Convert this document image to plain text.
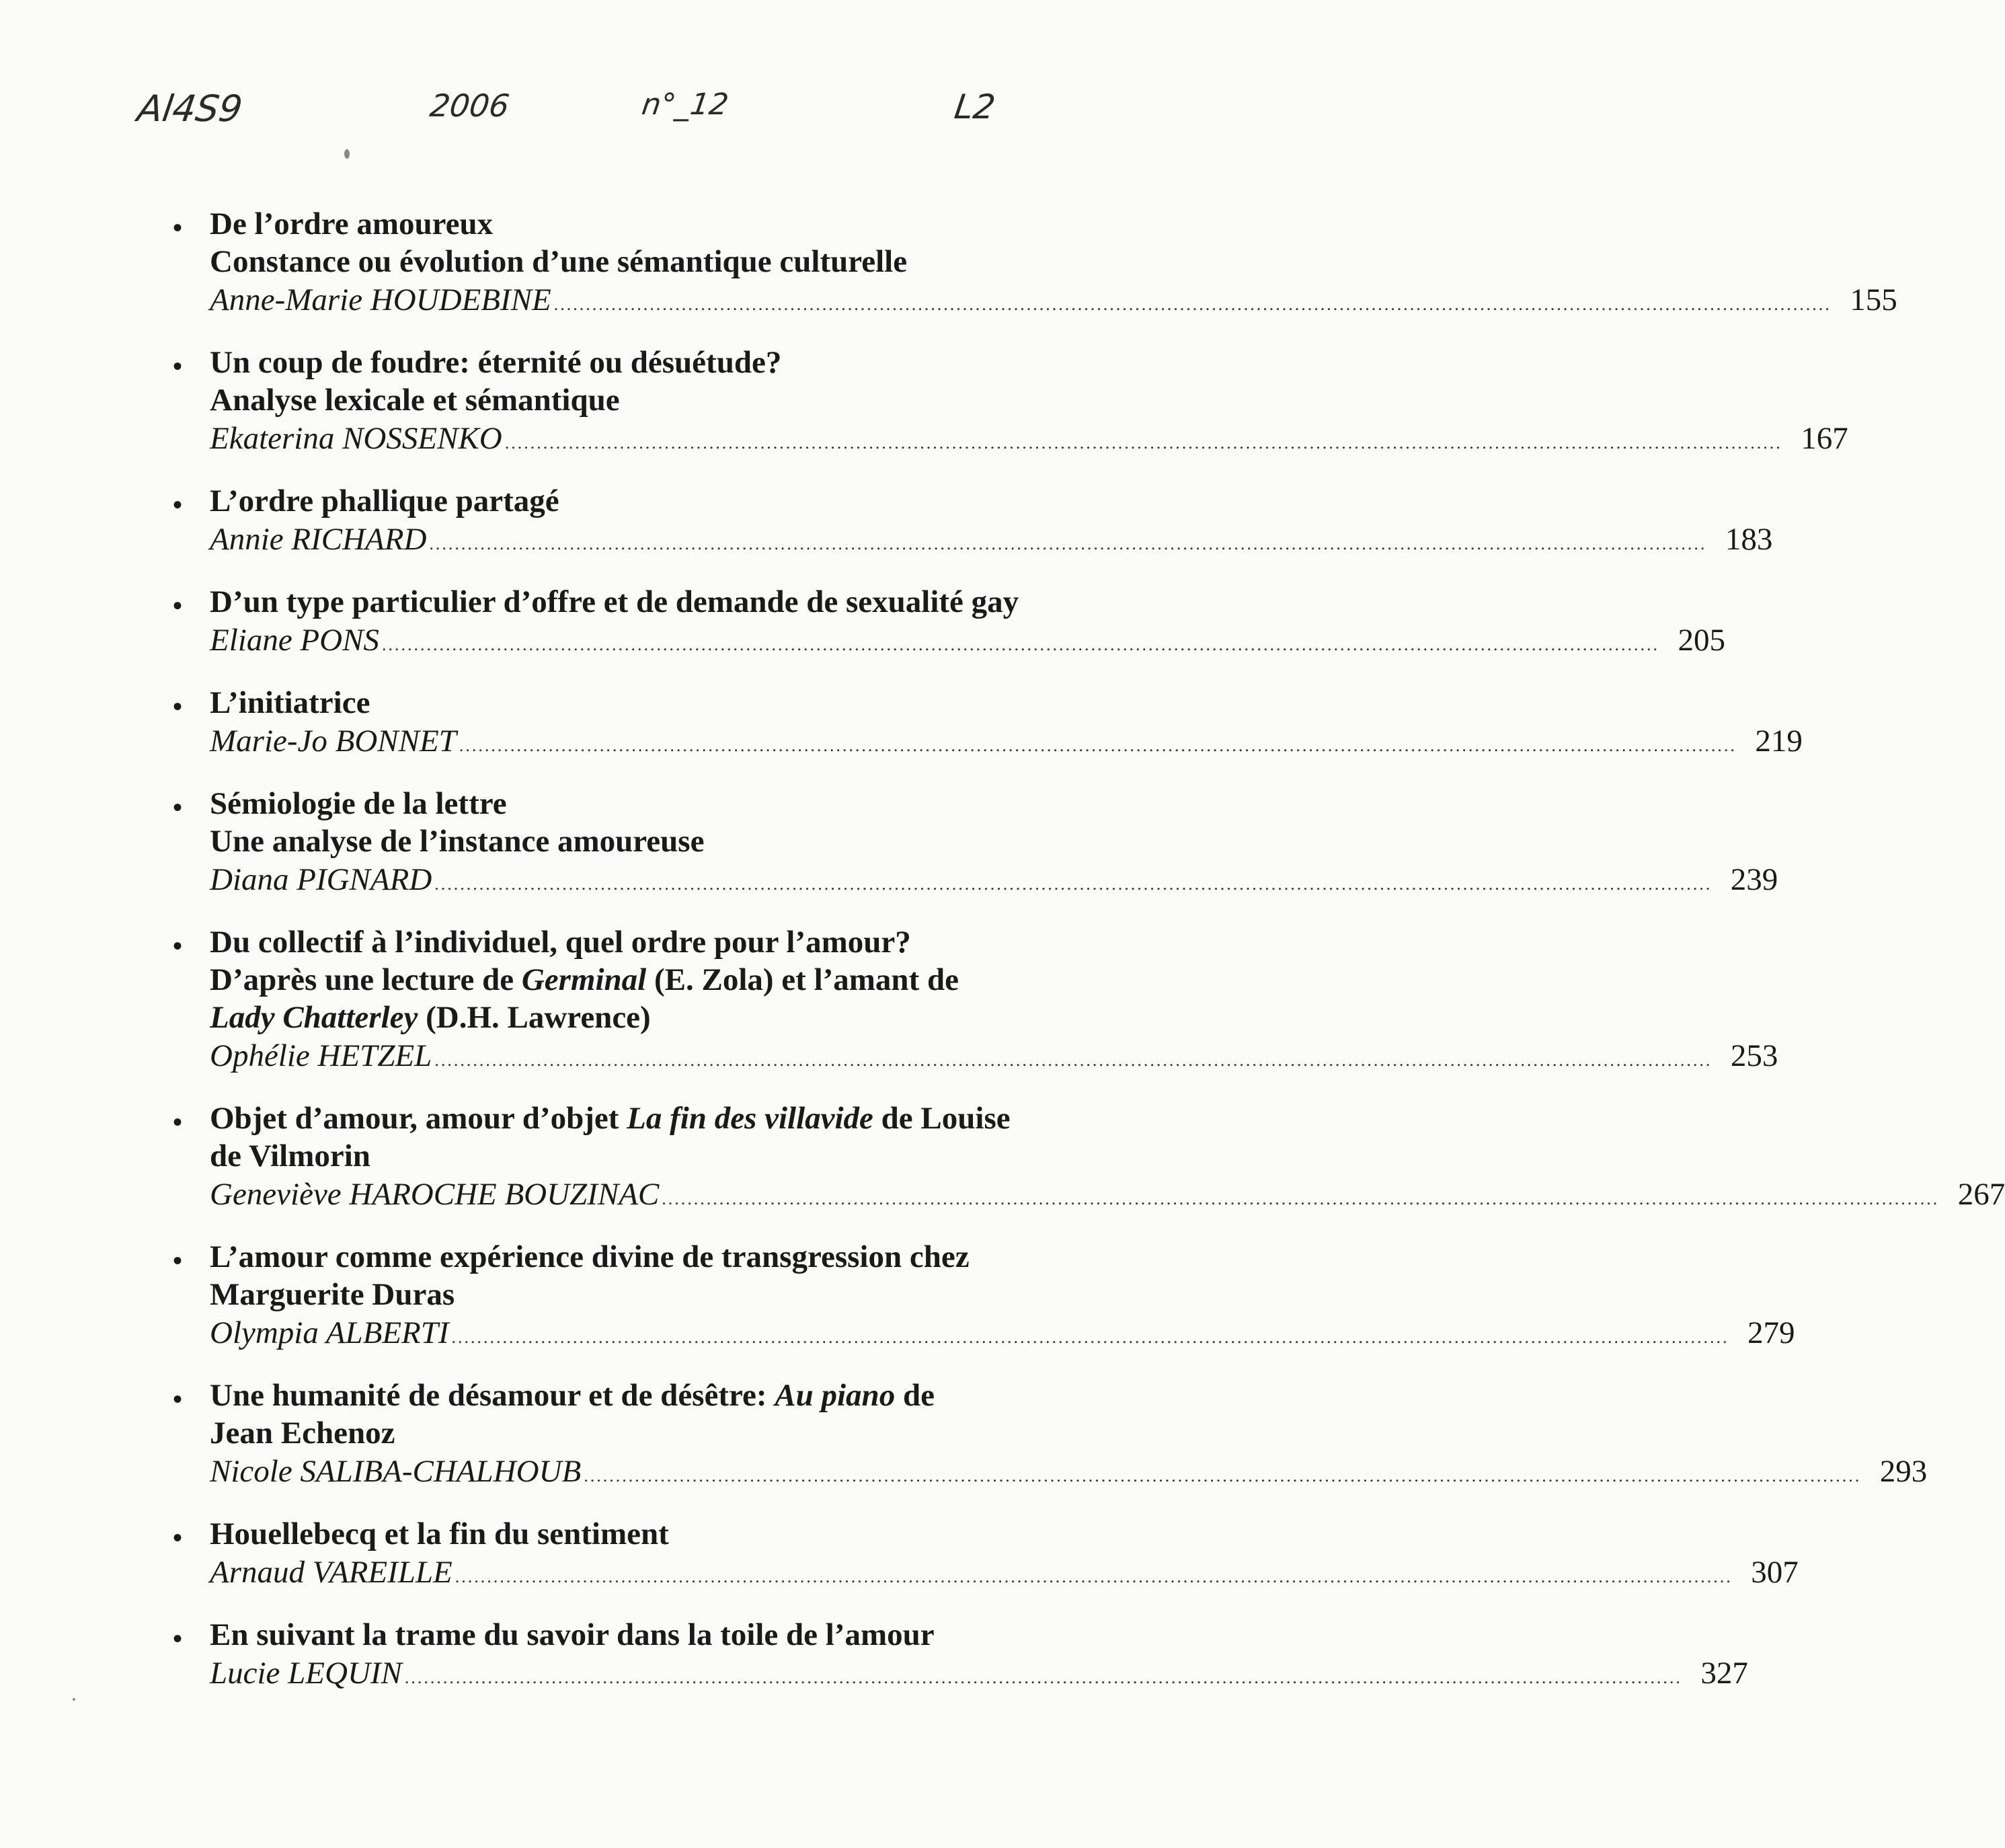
Al4S9	2006	n°_12	L2
• De l’ordre amoureux
Constance ou évolution d’une sémantique culturelle
Anne-Marie HOUDEBINE ........................................................................................................................................................................................................ 155
• Un coup de foudre: éternité ou désuétude?
Analyse lexicale et sémantique
Ekaterina NOSSENKO ........................................................................................................................................................................................................ 167
• L’ordre phallique partagé
Annie RICHARD ........................................................................................................................................................................................................ 183
• D’un type particulier d’offre et de demande de sexualité gay
Eliane PONS ........................................................................................................................................................................................................ 205
• L’initiatrice
Marie-Jo BONNET ........................................................................................................................................................................................................ 219
• Sémiologie de la lettre
Une analyse de l’instance amoureuse
Diana PIGNARD ........................................................................................................................................................................................................ 239
• Du collectif à l’individuel, quel ordre pour l’amour?
D’après une lecture de Germinal (E. Zola) et l’amant de
Lady Chatterley (D.H. Lawrence)
Ophélie HETZEL ........................................................................................................................................................................................................ 253
• Objet d’amour, amour d’objet La fin des villavide de Louise
de Vilmorin
Geneviève HAROCHE BOUZINAC ........................................................................................................................................................................................................ 267
• L’amour comme expérience divine de transgression chez
Marguerite Duras
Olympia ALBERTI ........................................................................................................................................................................................................ 279
• Une humanité de désamour et de désêtre: Au piano de
Jean Echenoz
Nicole SALIBA-CHALHOUB ........................................................................................................................................................................................................ 293
• Houellebecq et la fin du sentiment
Arnaud VAREILLE ........................................................................................................................................................................................................ 307
• En suivant la trame du savoir dans la toile de l’amour
Lucie LEQUIN ........................................................................................................................................................................................................ 327
